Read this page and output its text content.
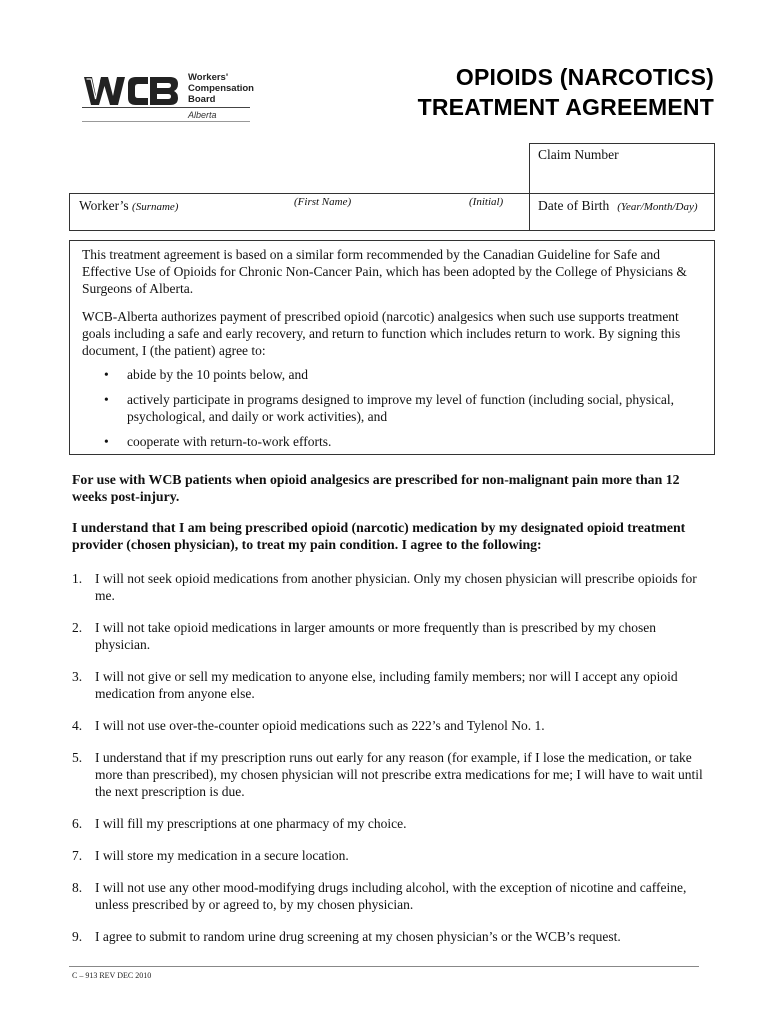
Workers'
Compensation
Board
Alberta
OPIOIDS (NARCOTICS)
TREATMENT AGREEMENT
Claim Number
Worker’s (Surname)	(First Name)	(Initial)	Date of Birth (Year/Month/Day)

This treatment agreement is based on a similar form recommended by the Canadian Guideline for Safe and Effective Use of Opioids for Chronic Non-Cancer Pain, which has been adopted by the College of Physicians & Surgeons of Alberta.

WCB-Alberta authorizes payment of prescribed opioid (narcotic) analgesics when such use supports treatment goals including a safe and early recovery, and return to function which includes return to work. By signing this document, I (the patient) agree to:

• abide by the 10 points below, and
• actively participate in programs designed to improve my level of function (including social, physical, psychological, and daily or work activities), and
• cooperate with return-to-work efforts.
For use with WCB patients when opioid analgesics are prescribed for non-malignant pain more than 12 weeks post-injury.
I understand that I am being prescribed opioid (narcotic) medication by my designated opioid treatment provider (chosen physician), to treat my pain condition. I agree to the following:
1. I will not seek opioid medications from another physician. Only my chosen physician will prescribe opioids for me.
2. I will not take opioid medications in larger amounts or more frequently than is prescribed by my chosen physician.
3. I will not give or sell my medication to anyone else, including family members; nor will I accept any opioid medication from anyone else.
4. I will not use over-the-counter opioid medications such as 222’s and Tylenol No. 1.
5. I understand that if my prescription runs out early for any reason (for example, if I lose the medication, or take more than prescribed), my chosen physician will not prescribe extra medications for me; I will have to wait until the next prescription is due.
6. I will fill my prescriptions at one pharmacy of my choice.
7. I will store my medication in a secure location.
8. I will not use any other mood-modifying drugs including alcohol, with the exception of nicotine and caffeine, unless prescribed by or agreed to, by my chosen physician.
9. I agree to submit to random urine drug screening at my chosen physician’s or the WCB’s request.
C – 913 REV DEC 2010
